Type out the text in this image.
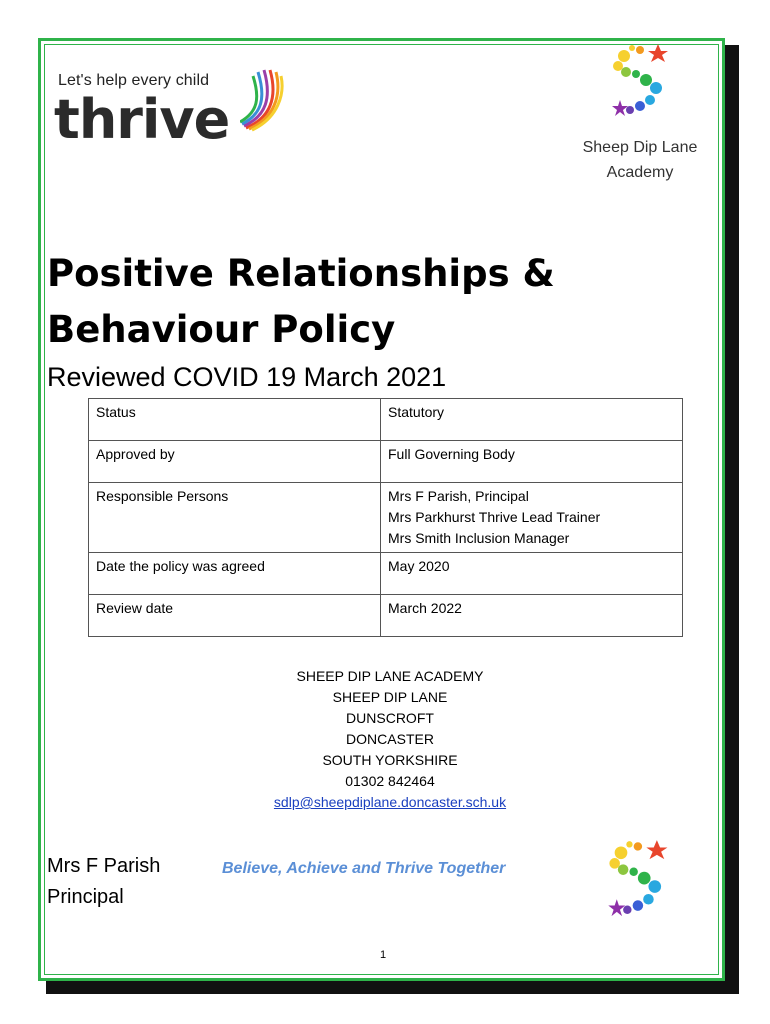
Let's help every child
thrive	Sheep Dip Lane
Academy
Positive Relationships &
Behaviour Policy
Reviewed COVID 19 March 2021
Status	Statutory

Approved by	Full Governing Body

Responsible Persons	Mrs F Parish, Principal
Mrs Parkhurst Thrive Lead Trainer
Mrs Smith Inclusion Manager

Date the policy was agreed	May 2020

Review date	March 2022
SHEEP DIP LANE ACADEMY
SHEEP DIP LANE
DUNSCROFT
DONCASTER
SOUTH YORKSHIRE
01302 842464
sdlp@sheepdiplane.doncaster.sch.uk
Mrs F Parish
Principal
Believe, Achieve and Thrive Together
1
